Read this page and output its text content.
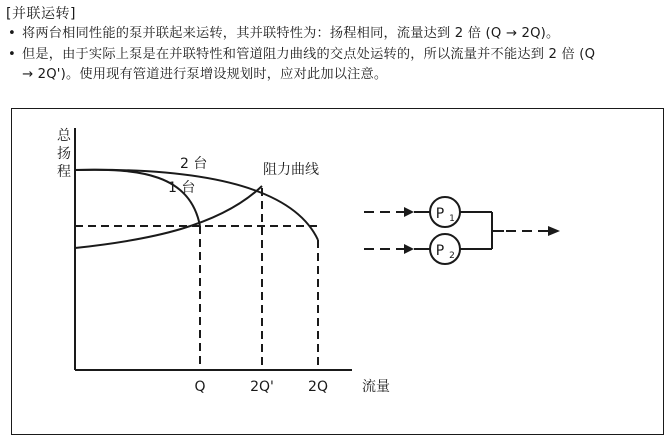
[并联运转]
• 将两台相同性能的泵并联起来运转，其并联特性为：扬程相同，流量达到 2 倍 (Q → 2Q)。
• 但是，由于实际上泵是在并联特性和管道阻力曲线的交点处运转的，所以流量并不能达到 2 倍 (Q
→ 2Q')。使用现有管道进行泵增设规划时，应对此加以注意。
总
扬
程	2 台
1 台
阻力曲线
Q	2Q' 2Q 流量
P 1
P 2
